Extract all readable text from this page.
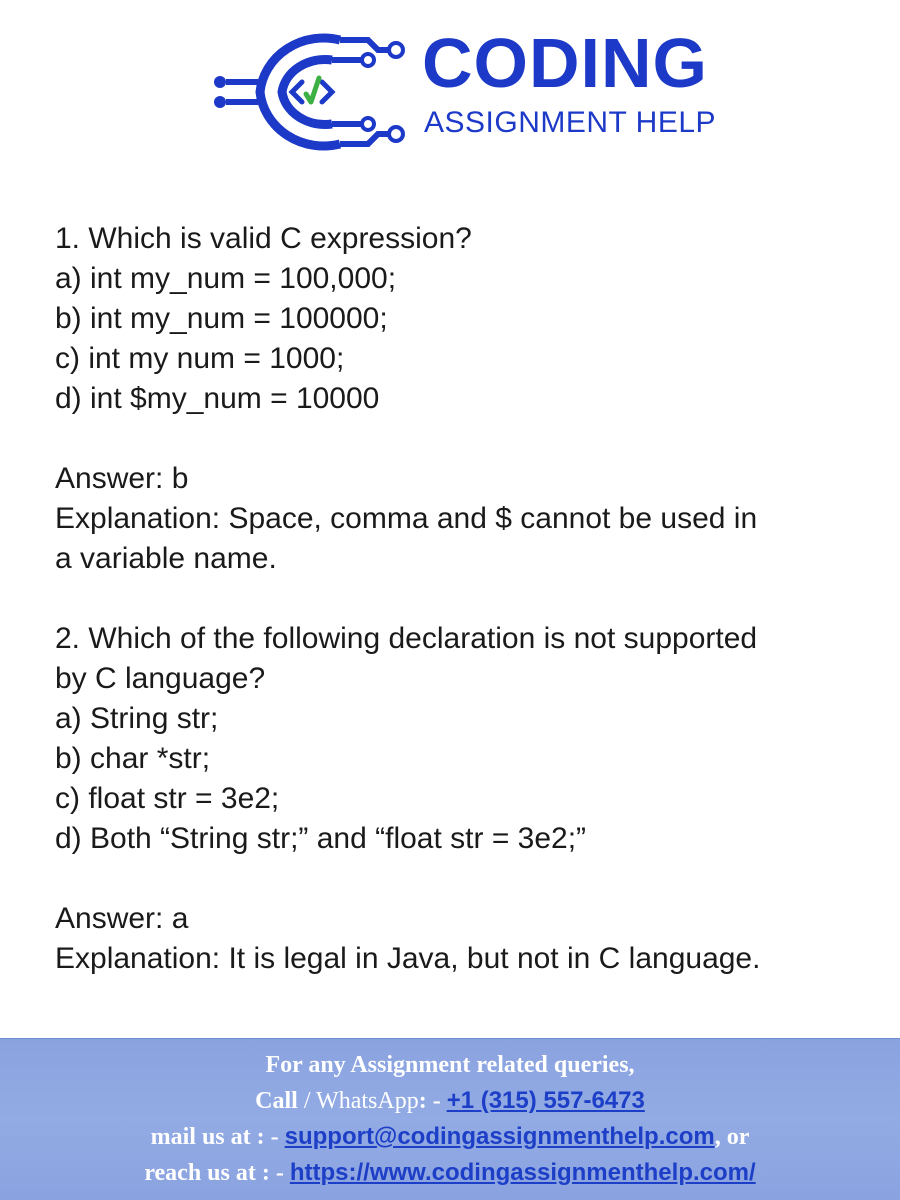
CODING
ASSIGNMENT HELP
1. Which is valid C expression?
a) int my_num = 100,000;
b) int my_num = 100000;
c) int my num = 1000;
d) int $my_num = 10000
Answer: b
Explanation: Space, comma and $ cannot be used in
a variable name.
2. Which of the following declaration is not supported
by C language?
a) String str;
b) char *str;
c) float str = 3e2;
d) Both “String str;” and “float str = 3e2;”
Answer: a
Explanation: It is legal in Java, but not in C language.
For any Assignment related queries,
Call / WhatsApp: - +1 (315) 557-6473
mail us at : - support@codingassignmenthelp.com, or
reach us at : - https://www.codingassignmenthelp.com/
